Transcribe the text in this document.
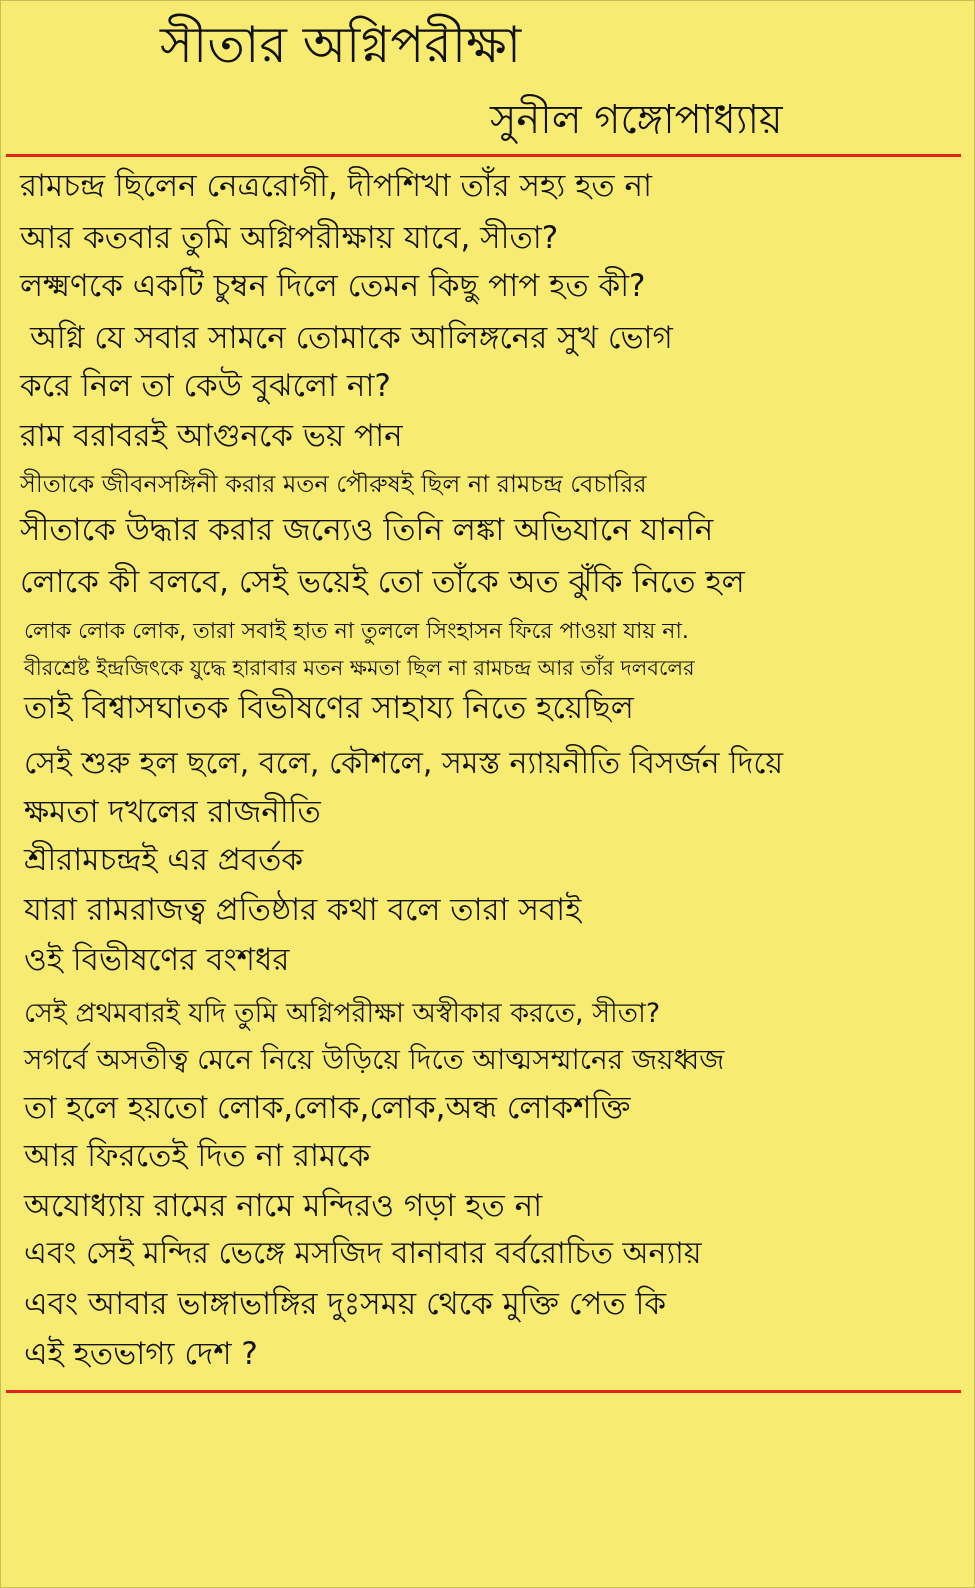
সীতার অগ্নিপরীক্ষা
সুনীল গঙ্গোপাধ্যায়
রামচন্দ্র ছিলেন নেত্ররোগী, দীপশিখা তাঁর সহ্য হত না
আর কতবার তুমি অগ্নিপরীক্ষায় যাবে, সীতা?
লক্ষ্মণকে একটি চুম্বন দিলে তেমন কিছু পাপ হত কী?
অগ্নি যে সবার সামনে তোমাকে আলিঙ্গনের সুখ ভোগ
করে নিল তা কেউ বুঝলো না?
রাম বরাবরই আগুনকে ভয় পান
সীতাকে জীবনসঙ্গিনী করার মতন পৌরুষই ছিল না রামচন্দ্র বেচারির
সীতাকে উদ্ধার করার জন্যেও তিনি লঙ্কা অভিযানে যাননি
লোকে কী বলবে, সেই ভয়েই তো তাঁকে অত ঝুঁকি নিতে হল
লোক লোক লোক, তারা সবাই হাত না তুললে সিংহাসন ফিরে পাওয়া যায় না.
বীরশ্রেষ্ট ইন্দ্রজিৎকে যুদ্ধে হারাবার মতন ক্ষমতা ছিল না রামচন্দ্র আর তাঁর দলবলের
তাই বিশ্বাসঘাতক বিভীষণের সাহায্য নিতে হয়েছিল
সেই শুরু হল ছলে, বলে, কৌশলে, সমস্ত ন্যায়নীতি বিসর্জন দিয়ে
ক্ষমতা দখলের রাজনীতি
শ্রীরামচন্দ্রই এর প্রবর্তক
যারা রামরাজত্ব প্রতিষ্ঠার কথা বলে তারা সবাই
ওই বিভীষণের বংশধর
সেই প্রথমবারই যদি তুমি অগ্নিপরীক্ষা অস্বীকার করতে, সীতা?
সগর্বে অসতীত্ব মেনে নিয়ে উড়িয়ে দিতে আত্মসম্মানের জয়ধ্বজ
তা হলে হয়তো লোক,লোক,লোক,অন্ধ লোকশক্তি
আর ফিরতেই দিত না রামকে
অযোধ্যায় রামের নামে মন্দিরও গড়া হত না
এবং সেই মন্দির ভেঙ্গে মসজিদ বানাবার বর্বরোচিত অন্যায়
এবং আবার ভাঙ্গাভাঙ্গির দুঃসময় থেকে মুক্তি পেত কি
এই হতভাগ্য দেশ ?
